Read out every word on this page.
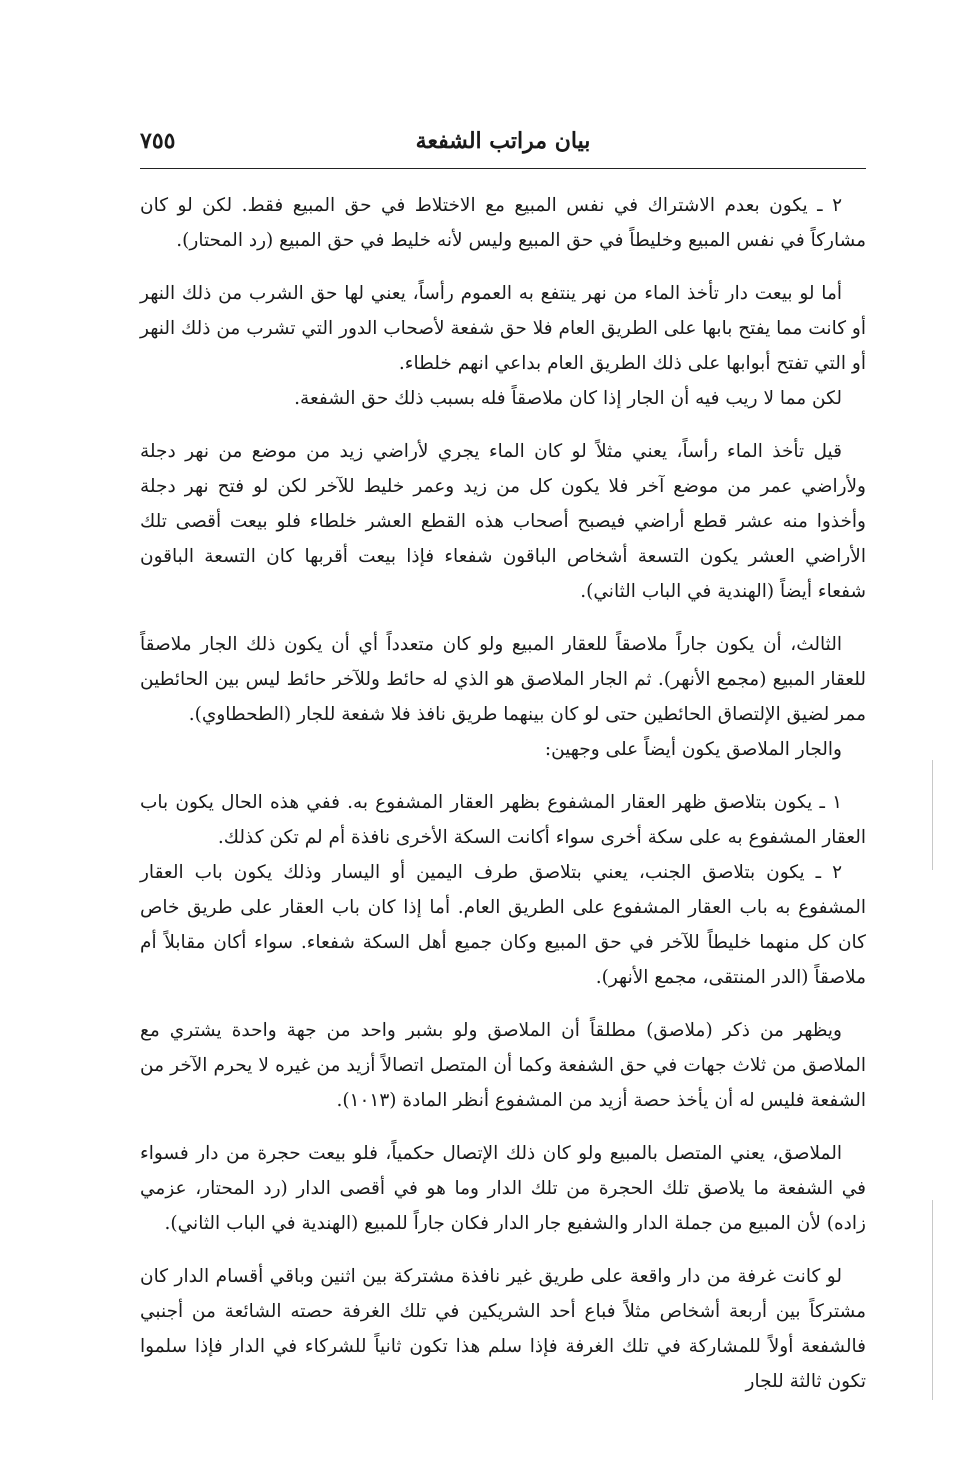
بيان مراتب الشفعة
٧٥٥

٢ ـ يكون بعدم الاشتراك في نفس المبيع مع الاختلاط في حق المبيع فقط. لكن لو كان مشاركاً في نفس المبيع وخليطاً في حق المبيع وليس لأنه خليط في حق المبيع (رد المحتار).

أما لو بيعت دار تأخذ الماء من نهر ينتفع به العموم رأساً، يعني لها حق الشرب من ذلك النهر أو كانت مما يفتح بابها على الطريق العام فلا حق شفعة لأصحاب الدور التي تشرب من ذلك النهر أو التي تفتح أبوابها على ذلك الطريق العام بداعي انهم خلطاء.

لكن مما لا ريب فيه أن الجار إذا كان ملاصقاً فله بسبب ذلك حق الشفعة.

قيل تأخذ الماء رأساً، يعني مثلاً لو كان الماء يجري لأراضي زيد من موضع من نهر دجلة ولأراضي عمر من موضع آخر فلا يكون كل من زيد وعمر خليط للآخر لكن لو فتح نهر دجلة وأخذوا منه عشر قطع أراضي فيصبح أصحاب هذه القطع العشر خلطاء فلو بيعت أقصى تلك الأراضي العشر يكون التسعة أشخاص الباقون شفعاء فإذا بيعت أقربها كان التسعة الباقون شفعاء أيضاً (الهندية في الباب الثاني).

الثالث، أن يكون جاراً ملاصقاً للعقار المبيع ولو كان متعدداً أي أن يكون ذلك الجار ملاصقاً للعقار المبيع (مجمع الأنهر). ثم الجار الملاصق هو الذي له حائط وللآخر حائط ليس بين الحائطين ممر لضيق الإلتصاق الحائطين حتى لو كان بينهما طريق نافذ فلا شفعة للجار (الطحطاوي).

والجار الملاصق يكون أيضاً على وجهين:

١ ـ يكون بتلاصق ظهر العقار المشفوع بظهر العقار المشفوع به. ففي هذه الحال يكون باب العقار المشفوع به على سكة أخرى سواء أكانت السكة الأخرى نافذة أم لم تكن كذلك.

٢ ـ يكون بتلاصق الجنب، يعني بتلاصق طرف اليمين أو اليسار وذلك يكون باب العقار المشفوع به باب العقار المشفوع على الطريق العام. أما إذا كان باب العقار على طريق خاص كان كل منهما خليطاً للآخر في حق المبيع وكان جميع أهل السكة شفعاء. سواء أكان مقابلاً أم ملاصقاً (الدر المنتقى، مجمع الأنهر).

ويظهر من ذكر (ملاصق) مطلقاً أن الملاصق ولو بشبر واحد من جهة واحدة يشتري مع الملاصق من ثلاث جهات في حق الشفعة وكما أن المتصل اتصالاً أزيد من غيره لا يحرم الآخر من الشفعة فليس له أن يأخذ حصة أزيد من المشفوع أنظر المادة (١٠١٣).

الملاصق، يعني المتصل بالمبيع ولو كان ذلك الإتصال حكمياً، فلو بيعت حجرة من دار فسواء في الشفعة ما يلاصق تلك الحجرة من تلك الدار وما هو في أقصى الدار (رد المحتار، عزمي زاده) لأن المبيع من جملة الدار والشفيع جار الدار فكان جاراً للمبيع (الهندية في الباب الثاني).

لو كانت غرفة من دار واقعة على طريق غير نافذة مشتركة بين اثنين وباقي أقسام الدار كان مشتركاً بين أربعة أشخاص مثلاً فباع أحد الشريكين في تلك الغرفة حصته الشائعة من أجنبي فالشفعة أولاً للمشاركة في تلك الغرفة فإذا سلم هذا تكون ثانياً للشركاء في الدار فإذا سلموا تكون ثالثة للجار
